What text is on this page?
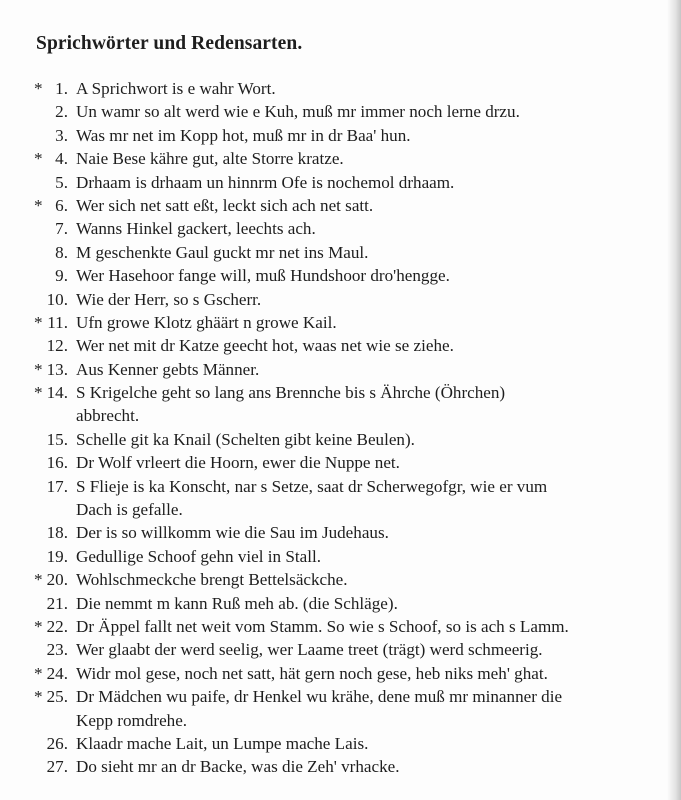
Sprichwörter und Redensarten.
* 1. A Sprichwort is e wahr Wort.
2. Un wamr so alt werd wie e Kuh, muß mr immer noch lerne drzu.
3. Was mr net im Kopp hot, muß mr in dr Baa' hun.
* 4. Naie Bese kähre gut, alte Storre kratze.
5. Drhaam is drhaam un hinnrm Ofe is nochemol drhaam.
* 6. Wer sich net satt eßt, leckt sich ach net satt.
7. Wanns Hinkel gackert, leechts ach.
8. M geschenkte Gaul guckt mr net ins Maul.
9. Wer Hasehoor fange will, muß Hundshoor dro'hengge.
10. Wie der Herr, so s Gscherr.
* 11. Ufn growe Klotz ghäärt n growe Kail.
12. Wer net mit dr Katze geecht hot, waas net wie se ziehe.
* 13. Aus Kenner gebts Männer.
* 14. S Krigelche geht so lang ans Brennche bis s Ährche (Öhrchen)
abbrecht.
15. Schelle git ka Knail (Schelten gibt keine Beulen).
16. Dr Wolf vrleert die Hoorn, ewer die Nuppe net.
17. S Flieje is ka Konscht, nar s Setze, saat dr Scherwegofgr, wie er vum
Dach is gefalle.
18. Der is so willkomm wie die Sau im Judehaus.
19. Gedullige Schoof gehn viel in Stall.
* 20. Wohlschmeckche brengt Bettelsäckche.
21. Die nemmt m kann Ruß meh ab. (die Schläge).
* 22. Dr Äppel fallt net weit vom Stamm. So wie s Schoof, so is ach s Lamm.
23. Wer glaabt der werd seelig, wer Laame treet (trägt) werd schmeerig.
* 24. Widr mol gese, noch net satt, hät gern noch gese, heb niks meh' ghat.
* 25. Dr Mädchen wu paife, dr Henkel wu krähe, dene muß mr minanner die
Kepp romdrehe.
26. Klaadr mache Lait, un Lumpe mache Lais.
27. Do sieht mr an dr Backe, was die Zeh' vrhacke.
